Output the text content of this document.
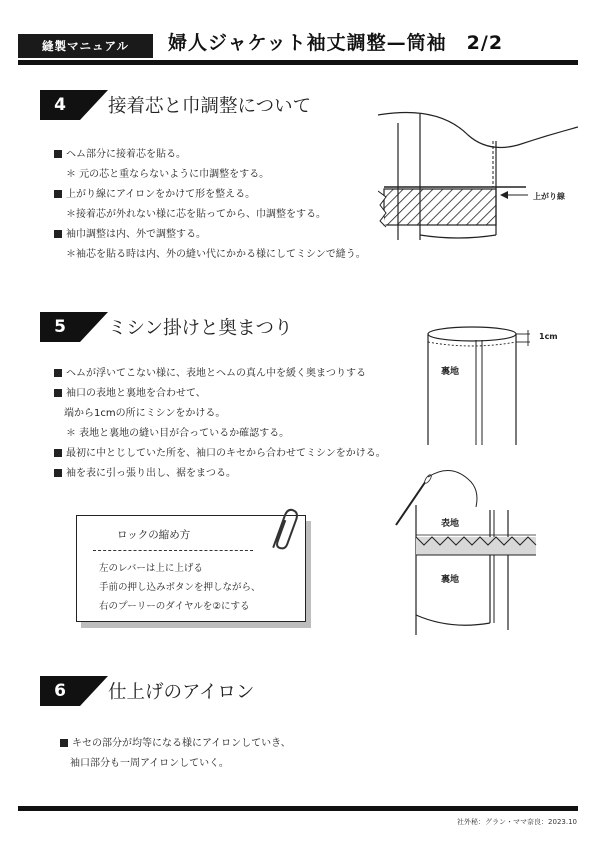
縫製マニュアル	婦人ジャケット袖丈調整—筒袖　2/2
4	接着芯と巾調整について
ヘム部分に接着芯を貼る。
＊ 元の芯と重ならないように巾調整をする。
上がり線にアイロンをかけて形を整える。
＊接着芯が外れない様に芯を貼ってから、巾調整をする。
袖巾調整は内、外で調整する。
＊袖芯を貼る時は内、外の縫い代にかかる様にしてミシンで縫う。
上がり線
5	ミシン掛けと奥まつり
ヘムが浮いてこない様に、表地とヘムの真ん中を緩く奥まつりする
袖口の表地と裏地を合わせて、
端から1cmの所にミシンをかける。
＊ 表地と裏地の縫い目が合っているか確認する。
最初に中とじしていた所を、袖口のキセから合わせてミシンをかける。
袖を表に引っ張り出し、裾をまつる。
1cm
裏地
表地
裏地
ロックの縮め方
左のレバーは上に上げる
手前の押し込みボタンを押しながら、
右のプーリーのダイヤルを②にする
6	仕上げのアイロン
キセの部分が均等になる様にアイロンしていき、
袖口部分も一周アイロンしていく。
社外秘：グラン・ママ奈良：2023.10
